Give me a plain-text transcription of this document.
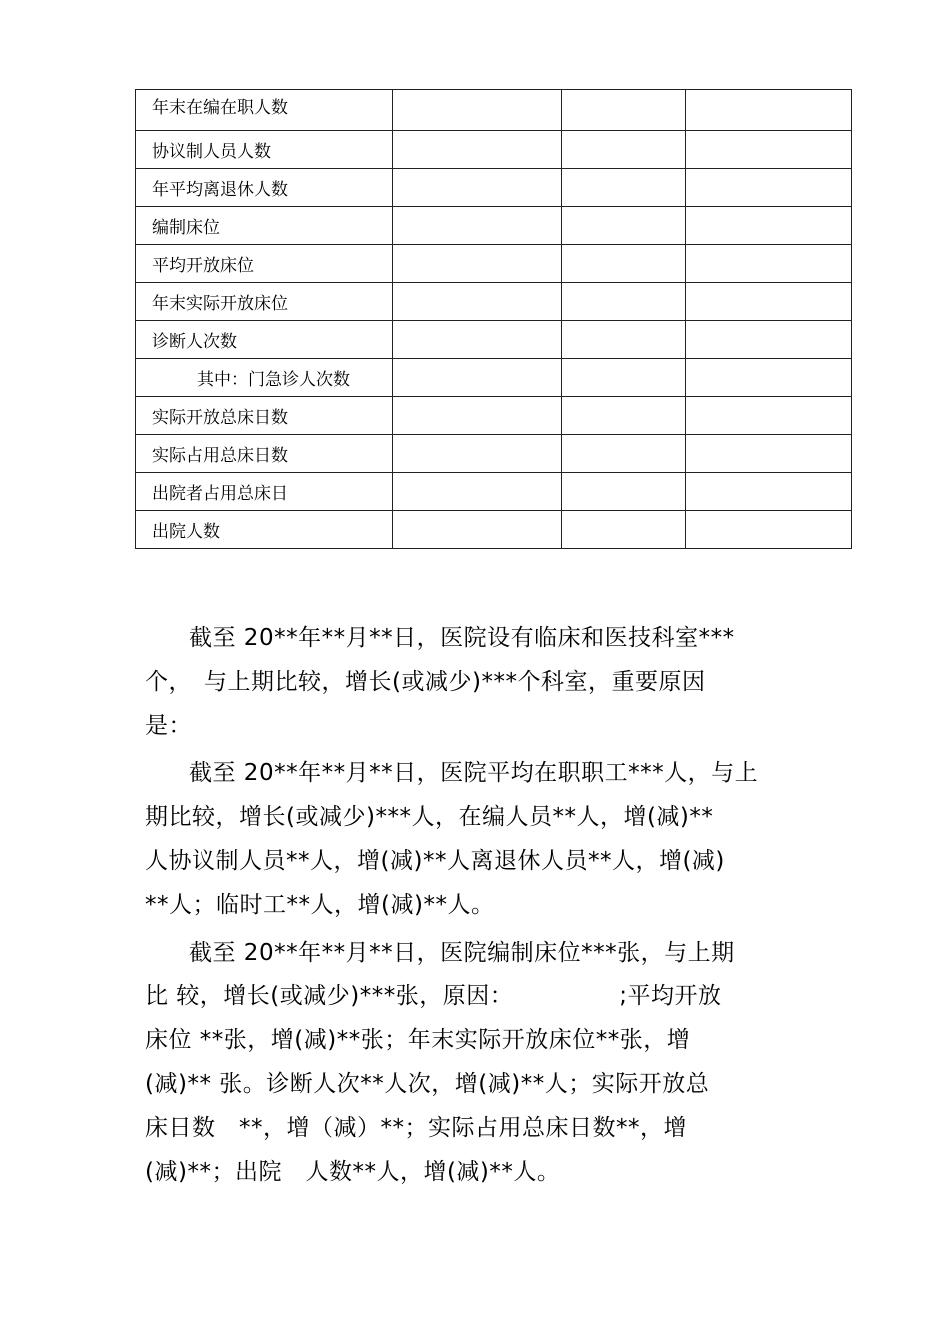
年末在编在职人数			
协议制人员人数			
年平均离退休人数			
编制床位			
平均开放床位			
年末实际开放床位			
诊断人次数			
其中：门急诊人次数			
实际开放总床日数			
实际占用总床日数			
出院者占用总床日			
出院人数			
截至 20**年**月**日，医院设有临床和医技科室***
个，　与上期比较，增长(或减少)***个科室，重要原因
是：
截至 20**年**月**日，医院平均在职职工***人，与上
期比较，增长(或减少)***人，在编人员**人，增(减)**
人协议制人员**人，增(减)**人离退休人员**人，增(减)
**人；临时工**人，增(减)**人。
截至 20**年**月**日，医院编制床位***张，与上期
比 较，增长(或减少)***张，原因：　　　　　;平均开放
床位 **张，增(减)**张；年末实际开放床位**张，增
(减)** 张。诊断人次**人次，增(减)**人；实际开放总
床日数　**，增（减）**；实际占用总床日数**，增
(减)**；出院　人数**人，增(减)**人。
